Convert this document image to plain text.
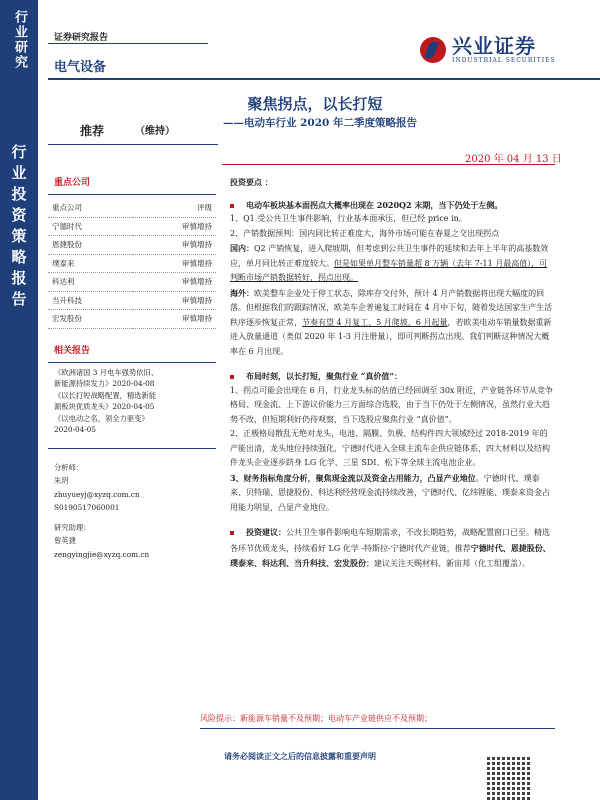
行业研究
行业投资策略报告
证券研究报告
电气设备
兴业证券
INDUSTRIAL SECURITIES
聚焦拐点，以长打短
——电动车行业 2020 年二季度策略报告
推荐	（维持）
2020 年 04 月 13 日
重点公司
重点公司	评级
宁德时代	审慎增持
恩捷股份	审慎增持
璞泰来	审慎增持
科达利	审慎增持
当升科技	审慎增持
宏发股份	审慎增持
相关报告
《欧洲诸国 3 月电车强势依旧、
新能源持续发力》2020-04-08
《以长打短战略配置，精选新能
源板块优质龙头》2020-04-05
《以电动之名，领全力驱变》
2020-04-05
分析师：
朱玥
zhuyueyj@xyzq.com.cn
S0190517060001
研究助理：
曾英捷
zengyingjie@xyzq.com.cn

投资要点 ：

电动车板块基本面拐点大概率出现在 2020Q2 末期，当下仍处于左侧。

1、Q1 受公共卫生事件影响，行业基本面承压，但已经 price in。

2、产销数据预判：国内同比转正难度大，海外市场可能在春夏之交出现拐点

国内：Q2 产销恢复，进入爬坡期，但考虑到公共卫生事件的延续和去年上半年的高基数效应，单月同比转正难度较大。但是如果单月整车销量超 8 万辆（去年 7-11 月最高值），可判断市场产销数据转好，拐点出现。

海外：欧美整车企业处于停工状态，除库存交付外，预计 4 月产销数据将出现大幅度的回落。但根据我们的跟踪情况，欧美车企普遍复工时间在 4 月中下旬，随着发达国家生产生活秩序逐步恢复正常，节奏有望 4 月复工、5 月爬坡、6 月起量，若欧美电动车销量数据重新进入放量通道（类似 2020 年 1-3 月注册量），即可判断拐点出现。我们判断这种情况大概率在 6 月出现。

布局时刻，以长打短，聚焦行业 “真价值”：

1、拐点可能会出现在 6 月，行业龙头标的估值已经回调至 30x 附近，产业链各环节从竞争格局、现金流、上下游议价能力三方面综合选股，由于当下仍处于左侧情况，虽然行业大趋势不改，但短期利好仍待观察，当下选股应聚焦行业 “真价值”。

2、正极格局散乱无绝对龙头，电池、隔膜、负极、结构件四大领域经过 2018-2019 年的产能出清，龙头地位持续强化，宁德时代进入全球主流车企供应链体系，四大材料以及结构件龙头企业逐步跻身 LG 化学、三星 SDI、松下等全球主流电池企业。

3、财务指标角度分析，聚焦现金流以及资金占用能力，凸显产业地位。宁德时代、璞泰来、贝特瑞、恩捷股份、科达利经营现金流持续改善，宁德时代、亿纬锂能、璞泰来资金占用能力明显，凸显产业地位。

投资建议：公共卫生事件影响电车短期需求，不改长期趋势，战略配置窗口已至。精选各环节优质龙头，持续看好 LG 化学 -特斯拉-宁德时代产业链，推荐宁德时代、恩捷股份、璞泰来、科达利、当升科技、宏发股份；建议关注天赐材料、新宙邦（化工组覆盖）。

风险提示：新能源车销量不及预期；电动车产业链供应不及预期；
请务必阅读正文之后的信息披露和重要声明
